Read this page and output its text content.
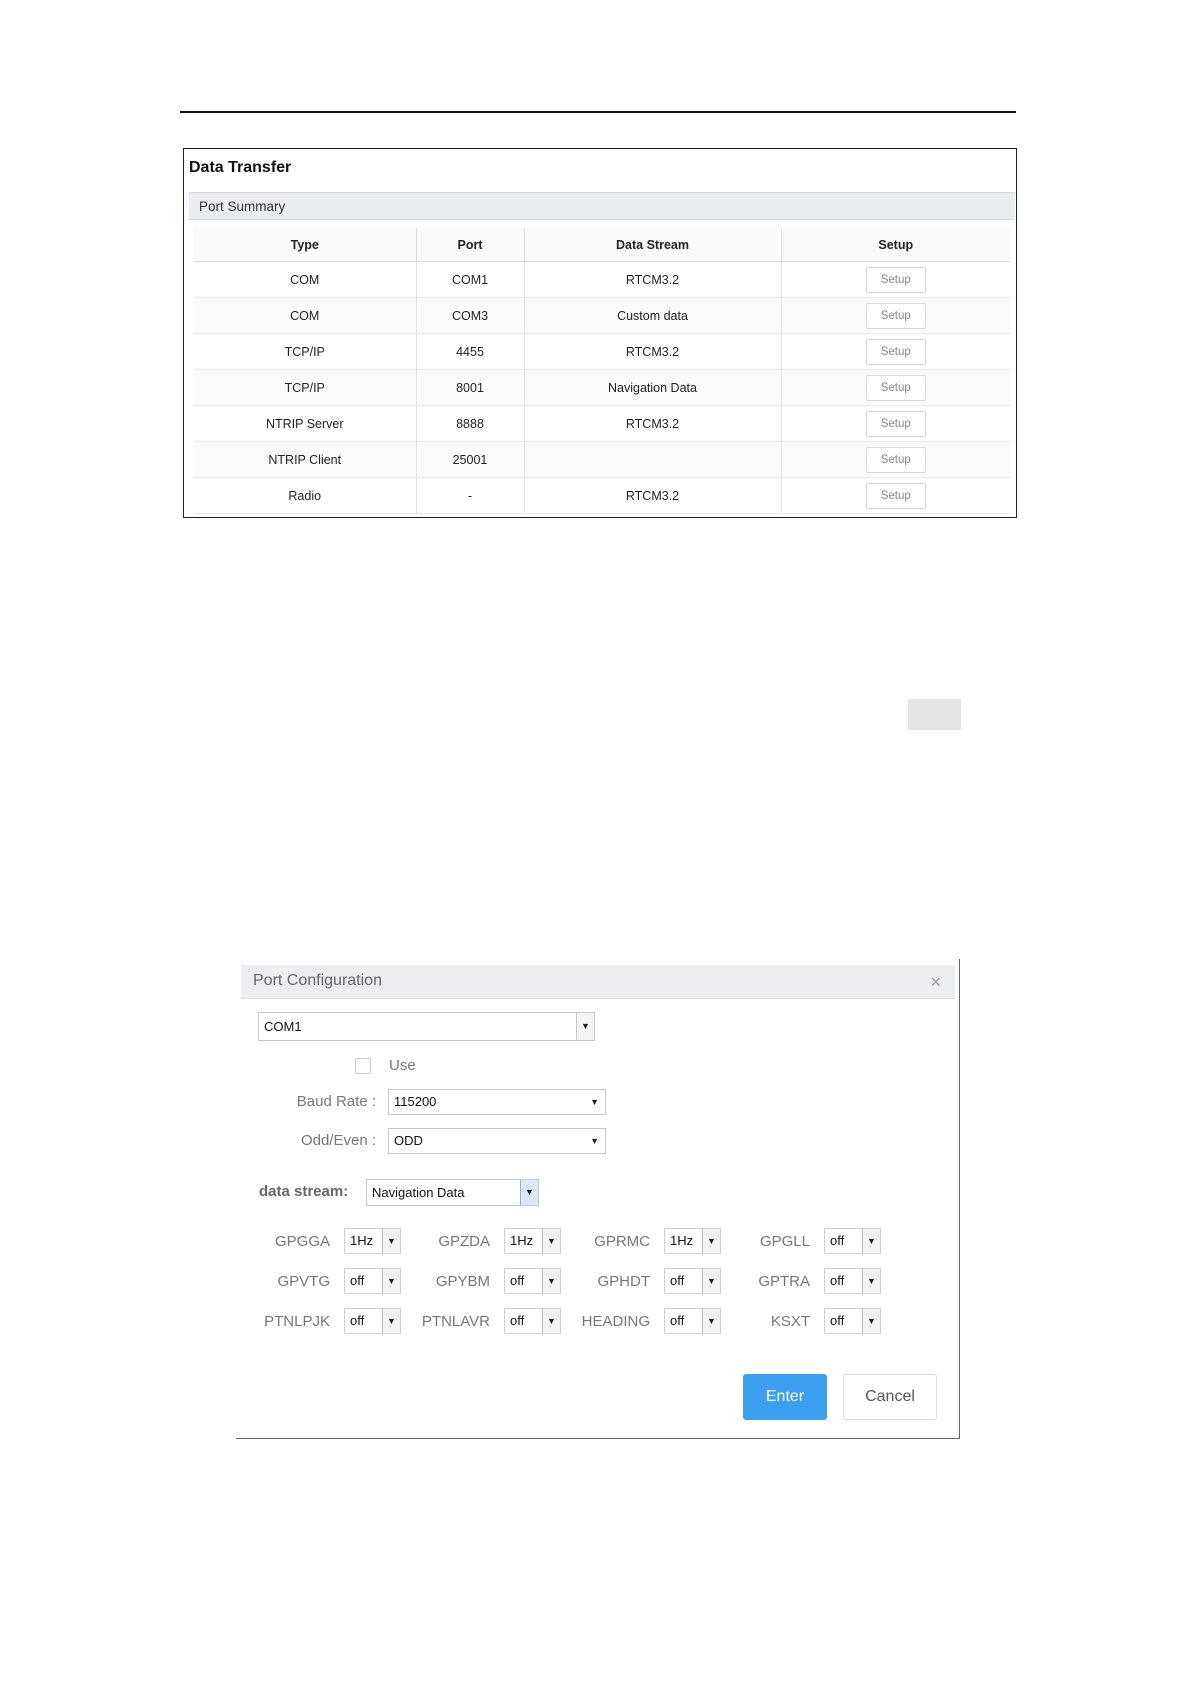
Data Transfer
Port Summary
Type	Port	Data Stream	Setup
COM	COM1	RTCM3.2	Setup
COM	COM3	Custom data	Setup
TCP/IP	4455	RTCM3.2	Setup
TCP/IP	8001	Navigation Data	Setup
NTRIP Server	8888	RTCM3.2	Setup
NTRIP Client	25001		Setup
Radio	-	RTCM3.2	Setup
Port Configuration	×
COM1	▼
Use
Baud Rate :	115200	▼
Odd/Even :	ODD	▼
data stream:	Navigation Data	▼
GPGGA	1Hz	▼	GPZDA	1Hz	▼	GPRMC	1Hz	▼	GPGLL	off	▼
GPVTG	off	▼	GPYBM	off	▼	GPHDT	off	▼	GPTRA	off	▼
PTNLPJK	off	▼	PTNLAVR	off	▼	HEADING	off	▼	KSXT	off	▼
Enter	Cancel
